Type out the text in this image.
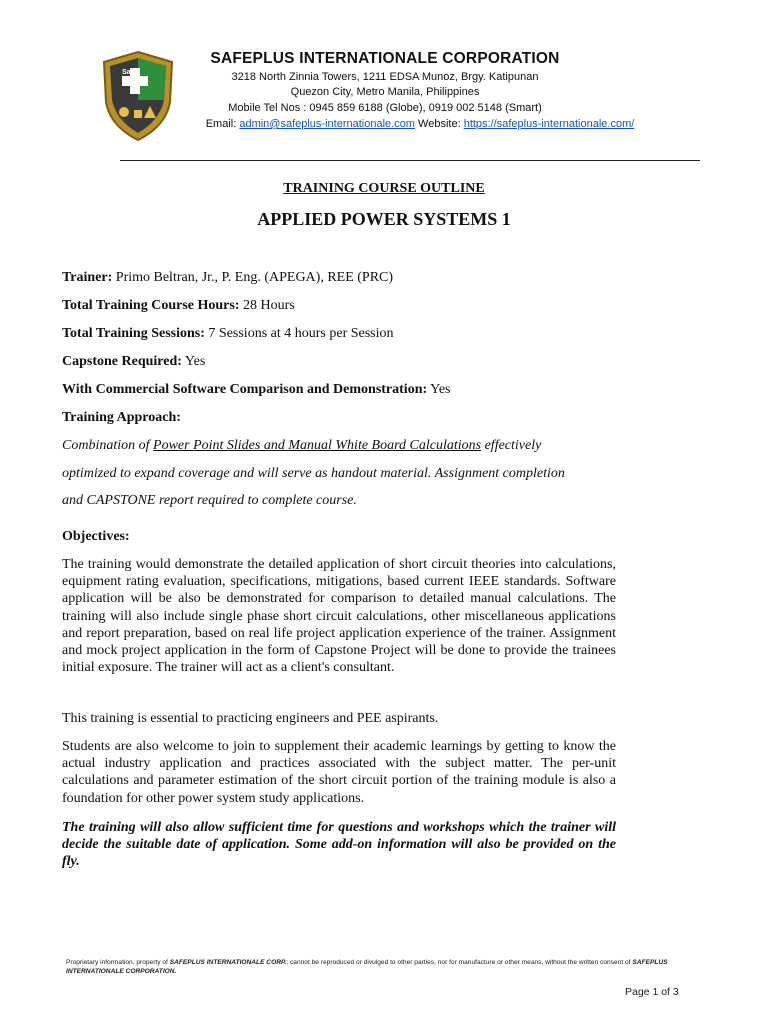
Safe
SAFEPLUS INTERNATIONALE CORPORATION
3218 North Zinnia Towers, 1211 EDSA Munoz, Brgy. Katipunan
Quezon City, Metro Manila, Philippines
Mobile Tel Nos : 0945 859 6188 (Globe), 0919 002 5148 (Smart)
Email: admin@safeplus-internationale.com Website: https://safeplus-internationale.com/
TRAINING COURSE OUTLINE
APPLIED POWER SYSTEMS 1
Trainer: Primo Beltran, Jr., P. Eng. (APEGA), REE (PRC)
Total Training Course Hours: 28 Hours
Total Training Sessions: 7 Sessions at 4 hours per Session
Capstone Required: Yes
With Commercial Software Comparison and Demonstration: Yes
Training Approach:
Combination of Power Point Slides and Manual White Board Calculations effectively
optimized to expand coverage and will serve as handout material. Assignment completion
and CAPSTONE report required to complete course.
Objectives:
The training would demonstrate the detailed application of short circuit theories into calculations, equipment rating evaluation, specifications, mitigations, based current IEEE standards. Software application will be also be demonstrated for comparison to detailed manual calculations. The training will also include single phase short circuit calculations, other miscellaneous applications and report preparation, based on real life project application experience of the trainer. Assignment and mock project application in the form of Capstone Project will be done to provide the trainees initial exposure. The trainer will act as a client's consultant.
This training is essential to practicing engineers and PEE aspirants.
Students are also welcome to join to supplement their academic learnings by getting to know the actual industry application and practices associated with the subject matter. The per-unit calculations and parameter estimation of the short circuit portion of the training module is also a foundation for other power system study applications.
The training will also allow sufficient time for questions and workshops which the trainer will decide the suitable date of application. Some add-on information will also be provided on the fly.
Proprietary information, property of SAFEPLUS INTERNATIONALE CORP.; cannot be reproduced or divulged to other parties, nor for manufacture or other means, without the written consent of SAFEPLUS INTERNATIONALE CORPORATION.
Page 1 of 3
